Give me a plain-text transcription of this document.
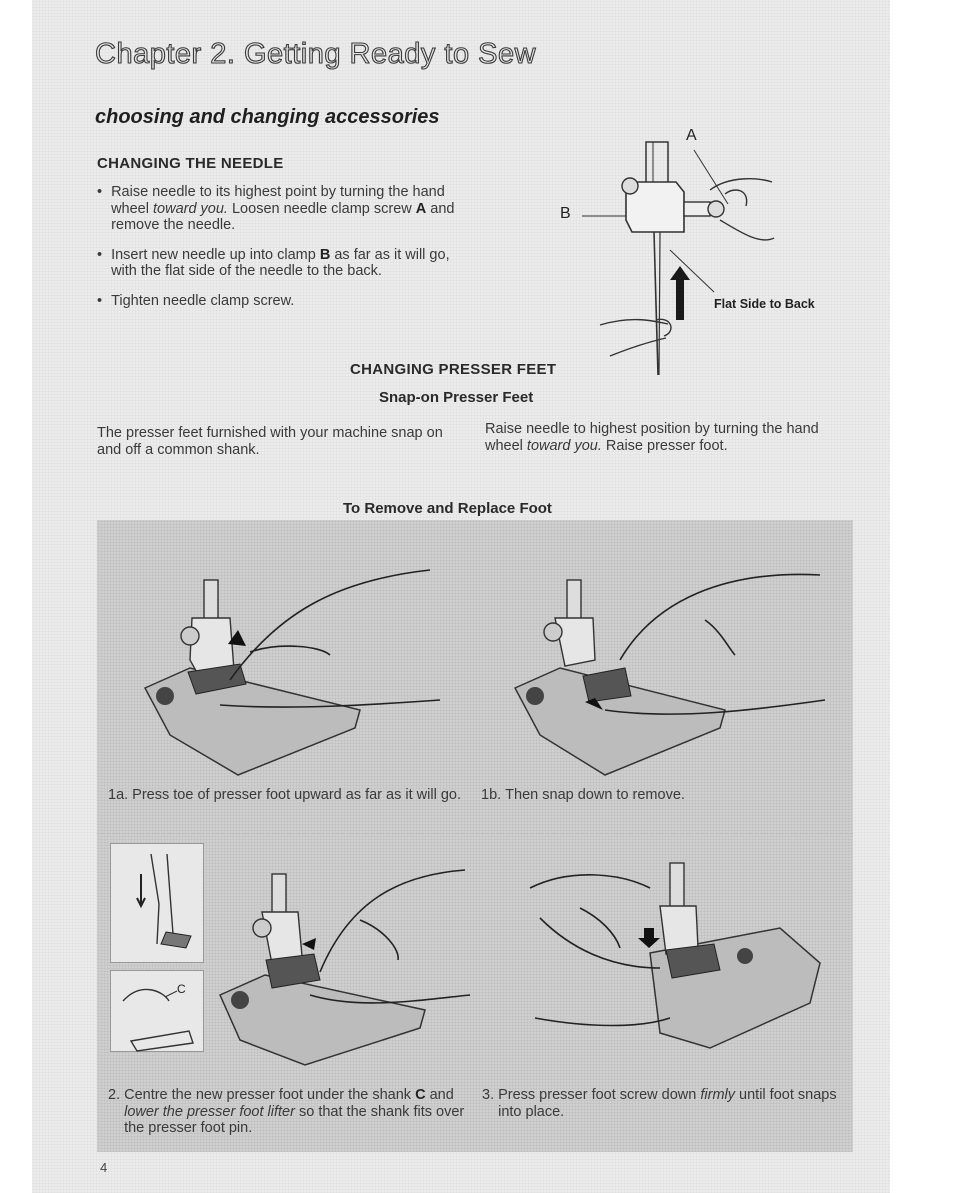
Chapter 2. Getting Ready to Sew
choosing and changing accessories
CHANGING THE NEEDLE
• Raise needle to its highest point by turning the hand wheel toward you. Loosen needle clamp screw A and remove the needle.
• Insert new needle up into clamp B as far as it will go, with the flat side of the needle to the back.
• Tighten needle clamp screw.
A
B
Flat Side to Back
CHANGING PRESSER FEET
Snap-on Presser Feet
The presser feet furnished with your machine snap on and off a common shank.
Raise needle to highest position by turning the hand wheel toward you. Raise presser foot.
To Remove and Replace Foot
1a. Press toe of presser foot upward as far as it will go. 1b. Then snap down to remove.
C
2. Centre the new presser foot under the shank C and lower the presser foot lifter so that the shank fits over the presser foot pin.
3. Press presser foot screw down firmly until foot snaps into place.
4
